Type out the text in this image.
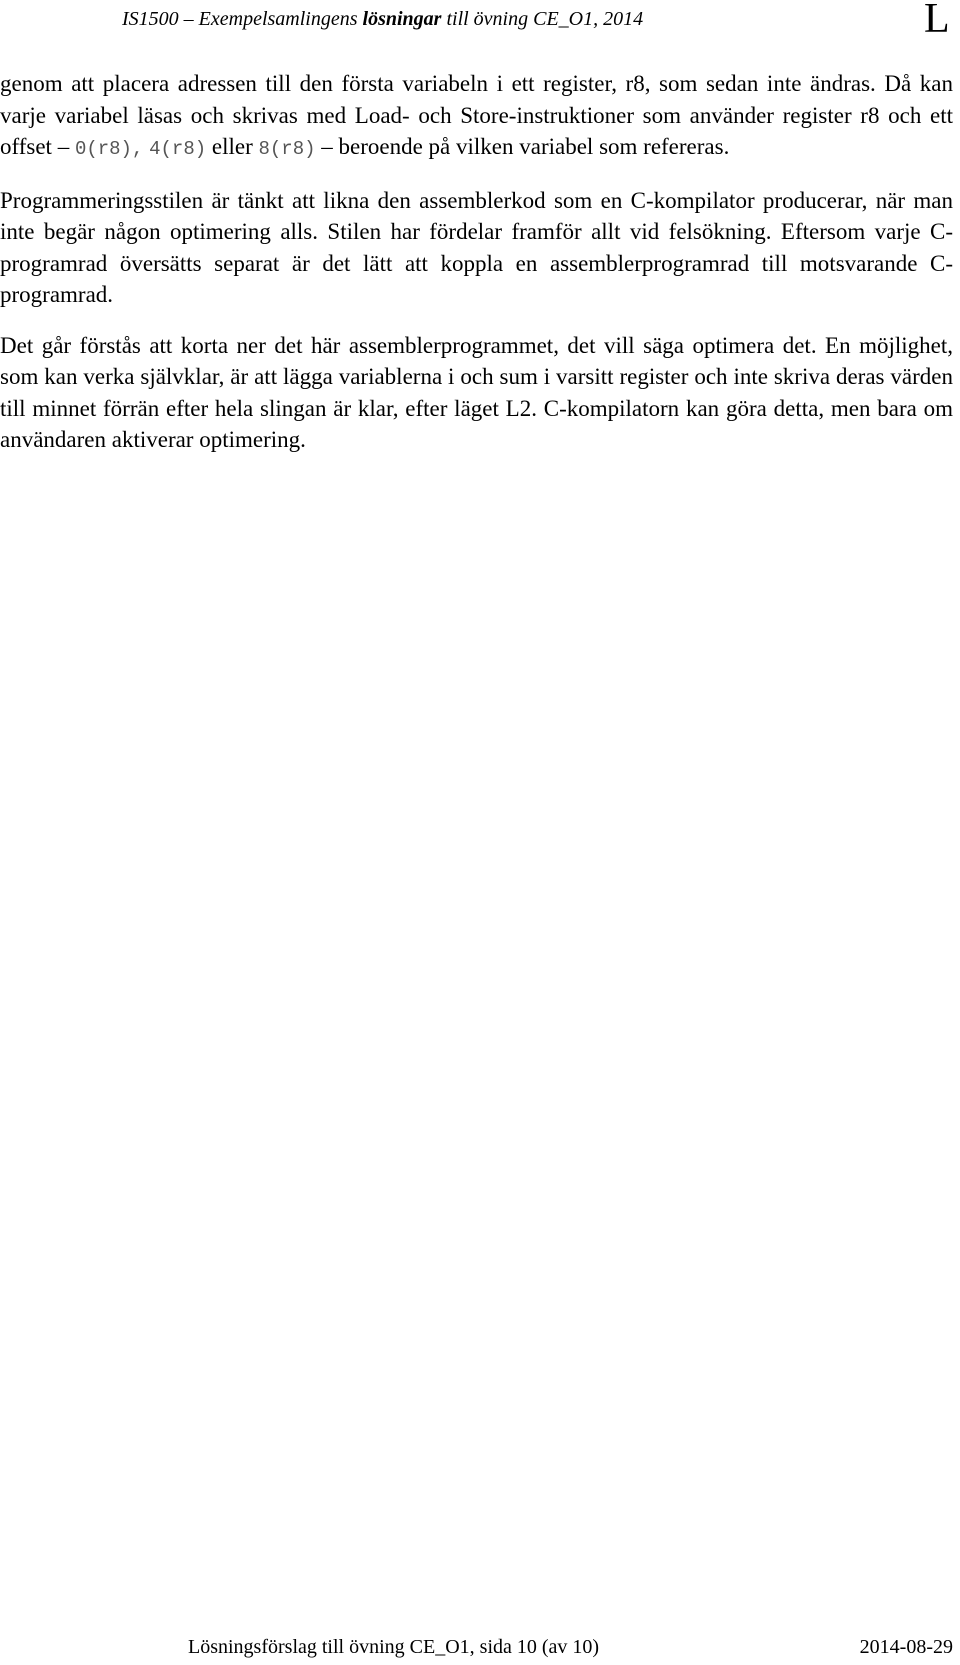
IS1500 – Exempelsamlingens lösningar till övning CE_O1, 2014	L

genom att placera adressen till den första variabeln i ett register, r8, som sedan inte ändras. Då kan varje variabel läsas och skrivas med Load- och Store-instruktioner som använder register r8 och ett offset – 0(r8), 4(r8) eller 8(r8) – beroende på vilken variabel som refereras.

Programmeringsstilen är tänkt att likna den assemblerkod som en C-kompilator producerar, när man inte begär någon optimering alls. Stilen har fördelar framför allt vid felsökning. Eftersom varje C-programrad översätts separat är det lätt att koppla en assemblerprogramrad till motsvarande C-programrad.

Det går förstås att korta ner det här assemblerprogrammet, det vill säga optimera det. En möjlighet, som kan verka självklar, är att lägga variablerna i och sum i varsitt register och inte skriva deras värden till minnet förrän efter hela slingan är klar, efter läget L2. C-kompilatorn kan göra detta, men bara om användaren aktiverar optimering.

Lösningsförslag till övning CE_O1, sida 10 (av 10)	2014-08-29
